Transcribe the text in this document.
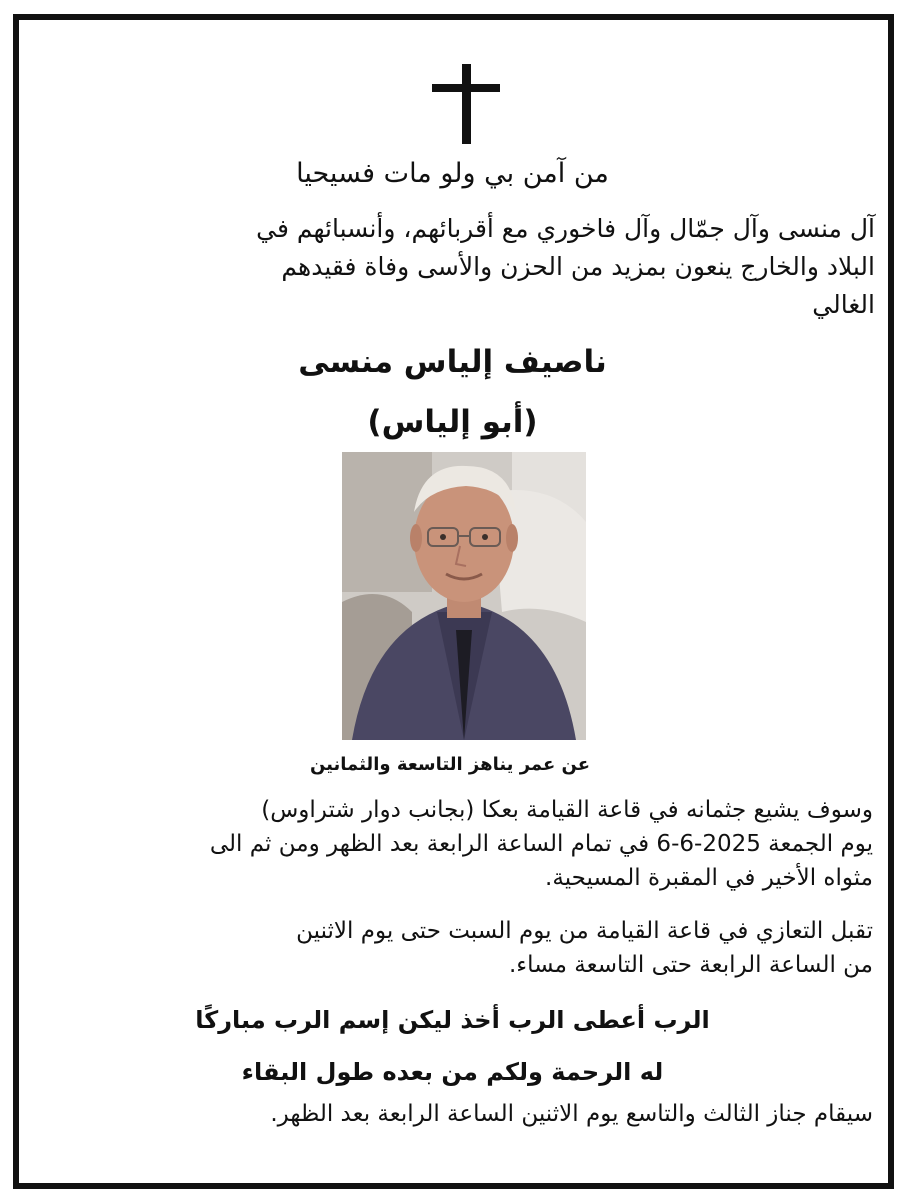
من آمن بي ولو مات فسيحيا

آل منسى وآل جمّال وآل فاخوري مع أقربائهم، وأنسبائهم في
البلاد والخارج ينعون بمزيد من الحزن والأسى وفاة فقيدهم
الغالي

ناصيف إلياس منسى

(أبو إلياس)

عن عمر يناهز التاسعة والثمانين

وسوف يشيع جثمانه في قاعة القيامة بعكا (بجانب دوار شتراوس)
يوم الجمعة 2025-6-6 في تمام الساعة الرابعة بعد الظهر ومن ثم الى
مثواه الأخير في المقبرة المسيحية.

تقبل التعازي في قاعة القيامة من يوم السبت حتى يوم الاثنين
من الساعة الرابعة حتى التاسعة مساء.

الرب أعطى الرب أخذ ليكن إسم الرب مباركًا
له الرحمة ولكم من بعده طول البقاء

سيقام جناز الثالث والتاسع يوم الاثنين الساعة الرابعة بعد الظهر.
